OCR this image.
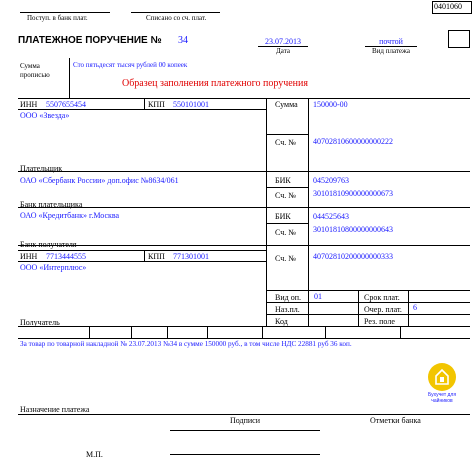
0401060
Поступ. в банк плат.	Списано со сч. плат.
ПЛАТЕЖНОЕ ПОРУЧЕНИЕ № 34	23.07.2013
Дата
почтой
Вид платежа
Сумма
прописью
Сто пятьдесят тысяч рублей 00 копеек
Образец заполнения платежного поручения
ИНН 5507655454	КПП 550101001	Сумма 150000-00
ООО «Звезда»
Сч. № 40702810600000000222
Плательщик
ОАО «Сбербанк России» доп.офис №8634/061	БИК	045209763
Сч. № 30101810900000000673
Банк плательщика
ОАО «Кредитбанк» г.Москва	БИК	044525643
Сч. № 30101810800000000643
Банк получателя
ИНН 7713444555	КПП 771301001	Сч. № 40702810200000000333
ООО «Интерплюс»
Вид оп. 01	Срок плат.
Наз.пл.	Очер. плат. 6
Код	Рез. поле
Получатель
За товар по товарной накладной № 23.07.2013 №34 в сумме 150000 руб., в том числе НДС 22881 руб 36 коп.
Бухучет для чайников
Назначение платежа
Подписи	Отметки банка
М.П.
